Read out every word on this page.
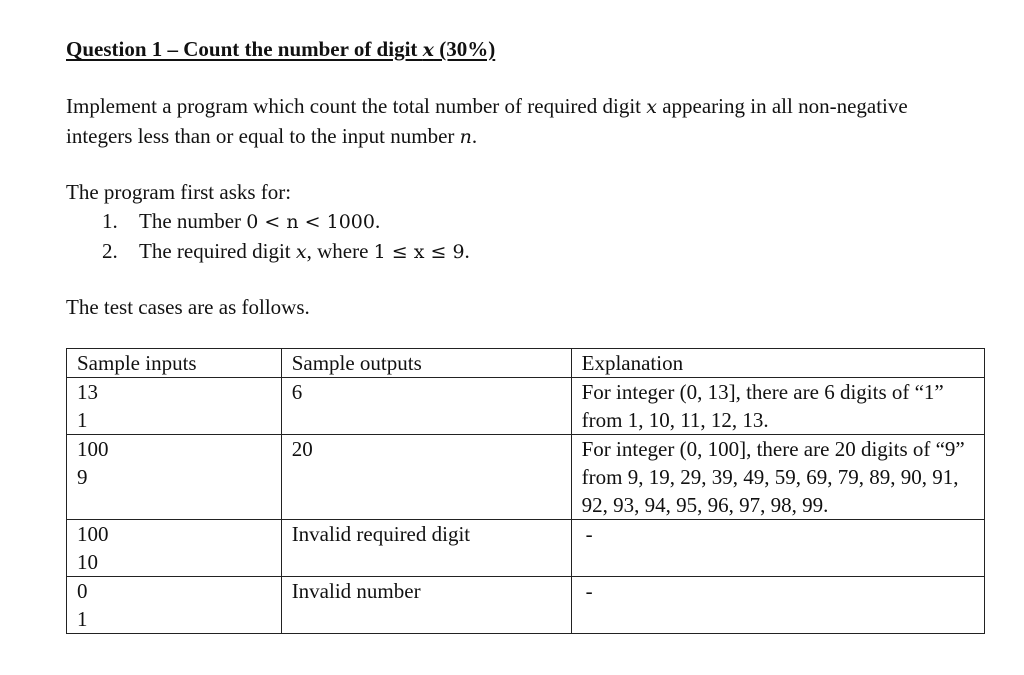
Question 1 – Count the number of digit x (30%)

Implement a program which count the total number of required digit x appearing in all non-negative integers less than or equal to the input number n.

The program first asks for:

1. The number 0 < n < 1000.
2. The required digit x, where 1 ≤ x ≤ 9.

The test cases are as follows.

Sample inputs	Sample outputs	Explanation

13
1	6	For integer (0, 13], there are 6 digits of “1” from 1, 10, 11, 12, 13.

100
9	20	For integer (0, 100], there are 20 digits of “9” from 9, 19, 29, 39, 49, 59, 69, 79, 89, 90, 91, 92, 93, 94, 95, 96, 97, 98, 99.

100
10	Invalid required digit	-

0
1	Invalid number	-
